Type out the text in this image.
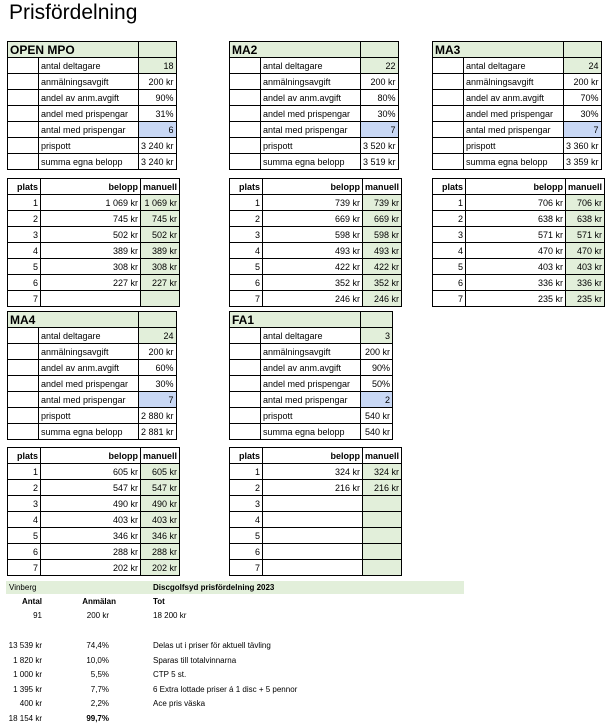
Prisfördelning
OPEN MPO		
	antal deltagare	18
	anmälningsavgift	200 kr
	andel av anm.avgift	90%
	andel med prispengar	31%
	antal med prispengar	6
	prispott	3 240 kr
	summa egna belopp	3 240 kr
plats	belopp	manuell
1	1 069 kr	1 069 kr
2	745 kr	745 kr
3	502 kr	502 kr
4	389 kr	389 kr
5	308 kr	308 kr
6	227 kr	227 kr
7		
MA2		
	antal deltagare	22
	anmälningsavgift	200 kr
	andel av anm.avgift	80%
	andel med prispengar	30%
	antal med prispengar	7
	prispott	3 520 kr
	summa egna belopp	3 519 kr
plats	belopp	manuell
1	739 kr	739 kr
2	669 kr	669 kr
3	598 kr	598 kr
4	493 kr	493 kr
5	422 kr	422 kr
6	352 kr	352 kr
7	246 kr	246 kr
MA3		
	antal deltagare	24
	anmälningsavgift	200 kr
	andel av anm.avgift	70%
	andel med prispengar	30%
	antal med prispengar	7
	prispott	3 360 kr
	summa egna belopp	3 359 kr
plats	belopp	manuell
1	706 kr	706 kr
2	638 kr	638 kr
3	571 kr	571 kr
4	470 kr	470 kr
5	403 kr	403 kr
6	336 kr	336 kr
7	235 kr	235 kr
MA4		
	antal deltagare	24
	anmälningsavgift	200 kr
	andel av anm.avgift	60%
	andel med prispengar	30%
	antal med prispengar	7
	prispott	2 880 kr
	summa egna belopp	2 881 kr
plats	belopp	manuell
1	605 kr	605 kr
2	547 kr	547 kr
3	490 kr	490 kr
4	403 kr	403 kr
5	346 kr	346 kr
6	288 kr	288 kr
7	202 kr	202 kr
FA1		
	antal deltagare	3
	anmälningsavgift	200 kr
	andel av anm.avgift	90%
	andel med prispengar	50%
	antal med prispengar	2
	prispott	540 kr
	summa egna belopp	540 kr
plats	belopp	manuell
1	324 kr	324 kr
2	216 kr	216 kr
3		
4		
5		
6		
7		
Vinberg	Discgolfsyd prisfördelning 2023
Antal	Anmälan	Tot
91	200 kr	18 200 kr
13 539 kr	74,4%	Delas ut i priser för aktuell tävling
1 820 kr	10,0%	Sparas till totalvinnarna
1 000 kr	5,5%	CTP 5 st.
1 395 kr	7,7%	6 Extra lottade priser á 1 disc + 5 pennor
400 kr	2,2%	Ace pris väska
18 154 kr	99,7%
